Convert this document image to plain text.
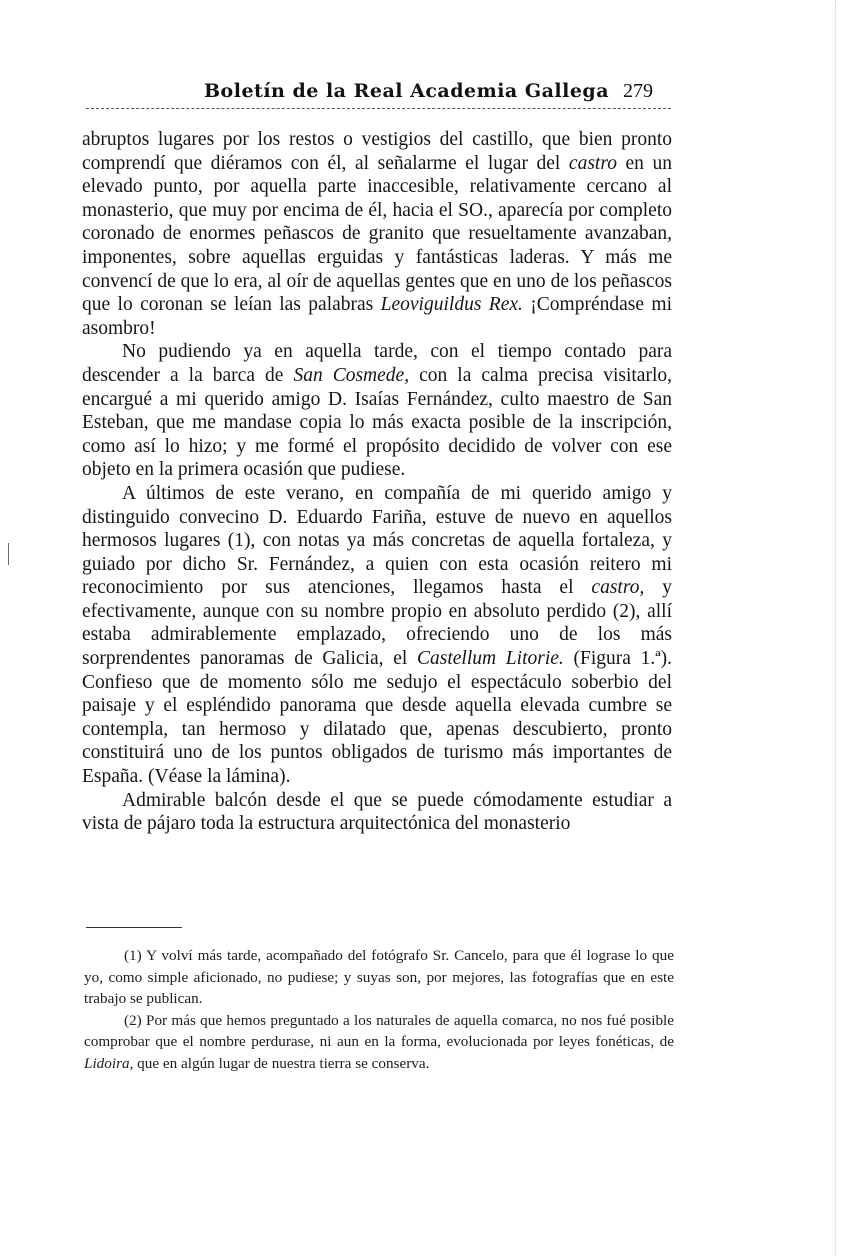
Boletín de la Real Academia Gallega 279

abruptos lugares por los restos o vestigios del castillo, que bien pronto comprendí que diéramos con él, al señalarme el lugar del castro en un elevado punto, por aquella parte inaccesible, relativamente cercano al monasterio, que muy por encima de él, hacia el SO., aparecía por completo coronado de enormes peñascos de granito que resueltamente avanzaban, imponentes, sobre aquellas erguidas y fantásticas laderas. Y más me convencí de que lo era, al oír de aquellas gentes que en uno de los peñascos que lo coronan se leían las palabras Leoviguildus Rex. ¡Compréndase mi asombro!

No pudiendo ya en aquella tarde, con el tiempo contado para descender a la barca de San Cosmede, con la calma precisa visitarlo, encargué a mi querido amigo D. Isaías Fernández, culto maestro de San Esteban, que me mandase copia lo más exacta posible de la inscripción, como así lo hizo; y me formé el propósito decidido de volver con ese objeto en la primera ocasión que pudiese.

A últimos de este verano, en compañía de mi querido amigo y distinguido convecino D. Eduardo Fariña, estuve de nuevo en aquellos hermosos lugares (1), con notas ya más concretas de aquella fortaleza, y guiado por dicho Sr. Fernández, a quien con esta ocasión reitero mi reconocimiento por sus atenciones, llegamos hasta el castro, y efectivamente, aunque con su nombre propio en absoluto perdido (2), allí estaba admirablemente emplazado, ofreciendo uno de los más sorprendentes panoramas de Galicia, el Castellum Litorie. (Figura 1.ª). Confieso que de momento sólo me sedujo el espectáculo soberbio del paisaje y el espléndido panorama que desde aquella elevada cumbre se contempla, tan hermoso y dilatado que, apenas descubierto, pronto constituirá uno de los puntos obligados de turismo más importantes de España. (Véase la lámina).

Admirable balcón desde el que se puede cómodamente estudiar a vista de pájaro toda la estructura arquitectónica del monasterio

(1) Y volví más tarde, acompañado del fotógrafo Sr. Cancelo, para que él lograse lo que yo, como simple aficionado, no pudiese; y suyas son, por mejores, las fotografías que en este trabajo se publican.

(2) Por más que hemos preguntado a los naturales de aquella comarca, no nos fué posible comprobar que el nombre perdurase, ni aun en la forma, evolucionada por leyes fonéticas, de Lidoira, que en algún lugar de nuestra tierra se conserva.
